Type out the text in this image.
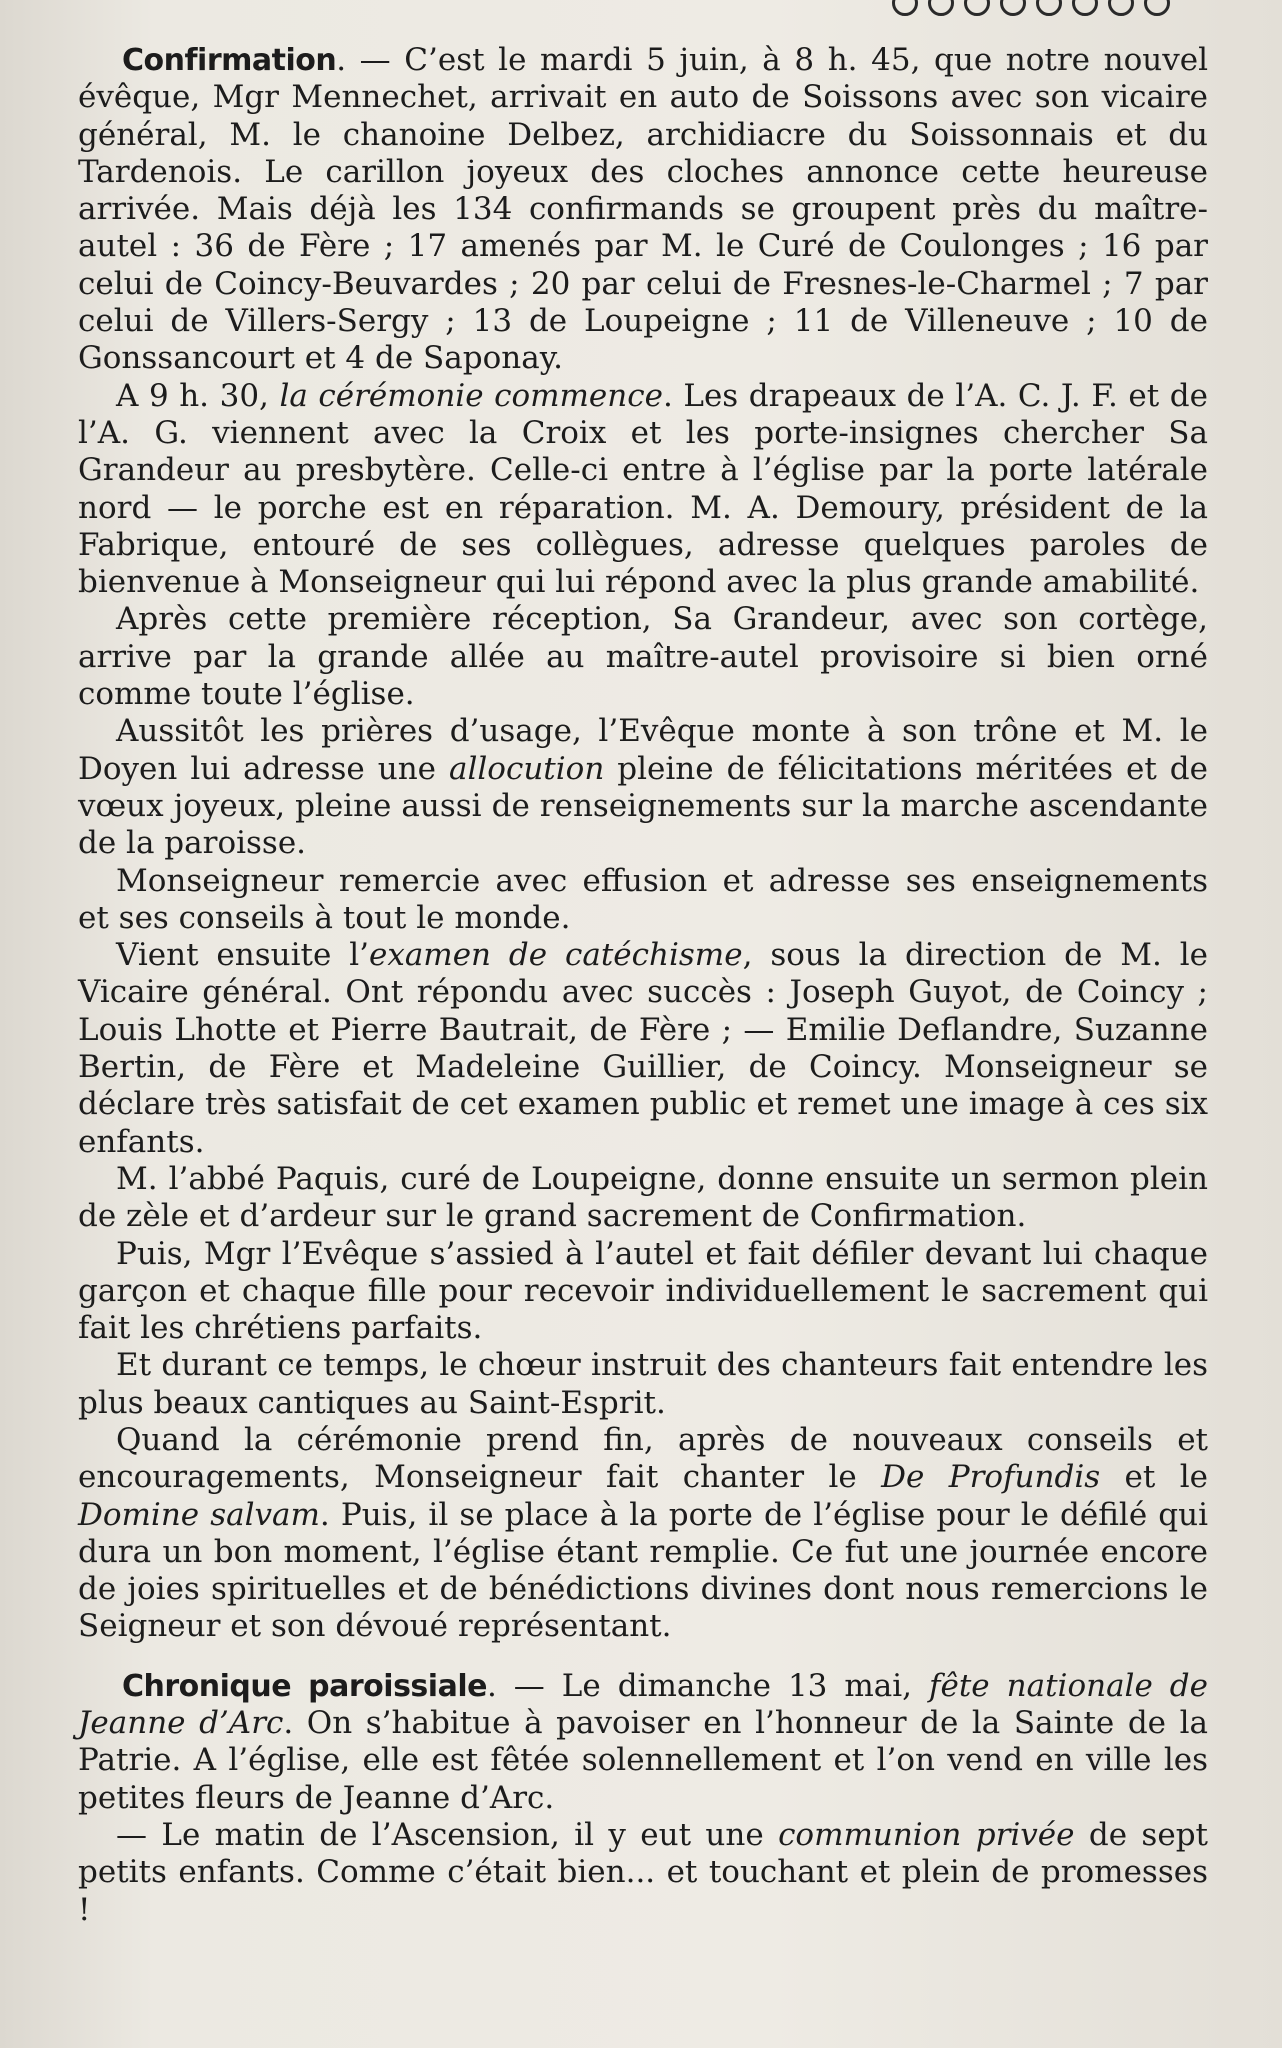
Confirmation. — C’est le mardi 5 juin, à 8 h. 45, que notre nouvel évêque, Mgr Mennechet, arrivait en auto de Soissons avec son vicaire général, M. le chanoine Delbez, archidiacre du Soissonnais et du Tardenois. Le carillon joyeux des cloches annonce cette heureuse arrivée. Mais déjà les 134 confirmands se groupent près du maître-autel : 36 de Fère ; 17 amenés par M. le Curé de Coulonges ; 16 par celui de Coincy-Beuvardes ; 20 par celui de Fresnes-le-Charmel ; 7 par celui de Villers-Sergy ; 13 de Loupeigne ; 11 de Villeneuve ; 10 de Gonssancourt et 4 de Saponay.

A 9 h. 30, la cérémonie commence. Les drapeaux de l’A. C. J. F. et de l’A. G. viennent avec la Croix et les porte-insignes chercher Sa Grandeur au presbytère. Celle-ci entre à l’église par la porte latérale nord — le porche est en réparation. M. A. Demoury, président de la Fabrique, entouré de ses collègues, adresse quelques paroles de bienvenue à Monseigneur qui lui répond avec la plus grande amabilité.

Après cette première réception, Sa Grandeur, avec son cortège, arrive par la grande allée au maître-autel provisoire si bien orné comme toute l’église.

Aussitôt les prières d’usage, l’Evêque monte à son trône et M. le Doyen lui adresse une allocution pleine de félicitations méritées et de vœux joyeux, pleine aussi de renseignements sur la marche ascendante de la paroisse.

Monseigneur remercie avec effusion et adresse ses enseignements et ses conseils à tout le monde.

Vient ensuite l’examen de catéchisme, sous la direction de M. le Vicaire général. Ont répondu avec succès : Joseph Guyot, de Coincy ; Louis Lhotte et Pierre Bautrait, de Fère ; — Emilie Deflandre, Suzanne Bertin, de Fère et Madeleine Guillier, de Coincy. Monseigneur se déclare très satisfait de cet examen public et remet une image à ces six enfants.

M. l’abbé Paquis, curé de Loupeigne, donne ensuite un sermon plein de zèle et d’ardeur sur le grand sacrement de Confirmation.

Puis, Mgr l’Evêque s’assied à l’autel et fait défiler devant lui chaque garçon et chaque fille pour recevoir individuellement le sacrement qui fait les chrétiens parfaits.

Et durant ce temps, le chœur instruit des chanteurs fait entendre les plus beaux cantiques au Saint-Esprit.

Quand la cérémonie prend fin, après de nouveaux conseils et encouragements, Monseigneur fait chanter le De Profundis et le Domine salvam. Puis, il se place à la porte de l’église pour le défilé qui dura un bon moment, l’église étant remplie. Ce fut une journée encore de joies spirituelles et de bénédictions divines dont nous remercions le Seigneur et son dévoué représentant.

Chronique paroissiale. — Le dimanche 13 mai, fête nationale de Jeanne d’Arc. On s’habitue à pavoiser en l’honneur de la Sainte de la Patrie. A l’église, elle est fêtée solennellement et l’on vend en ville les petites fleurs de Jeanne d’Arc.

— Le matin de l’Ascension, il y eut une communion privée de sept petits enfants. Comme c’était bien... et touchant et plein de promesses !
